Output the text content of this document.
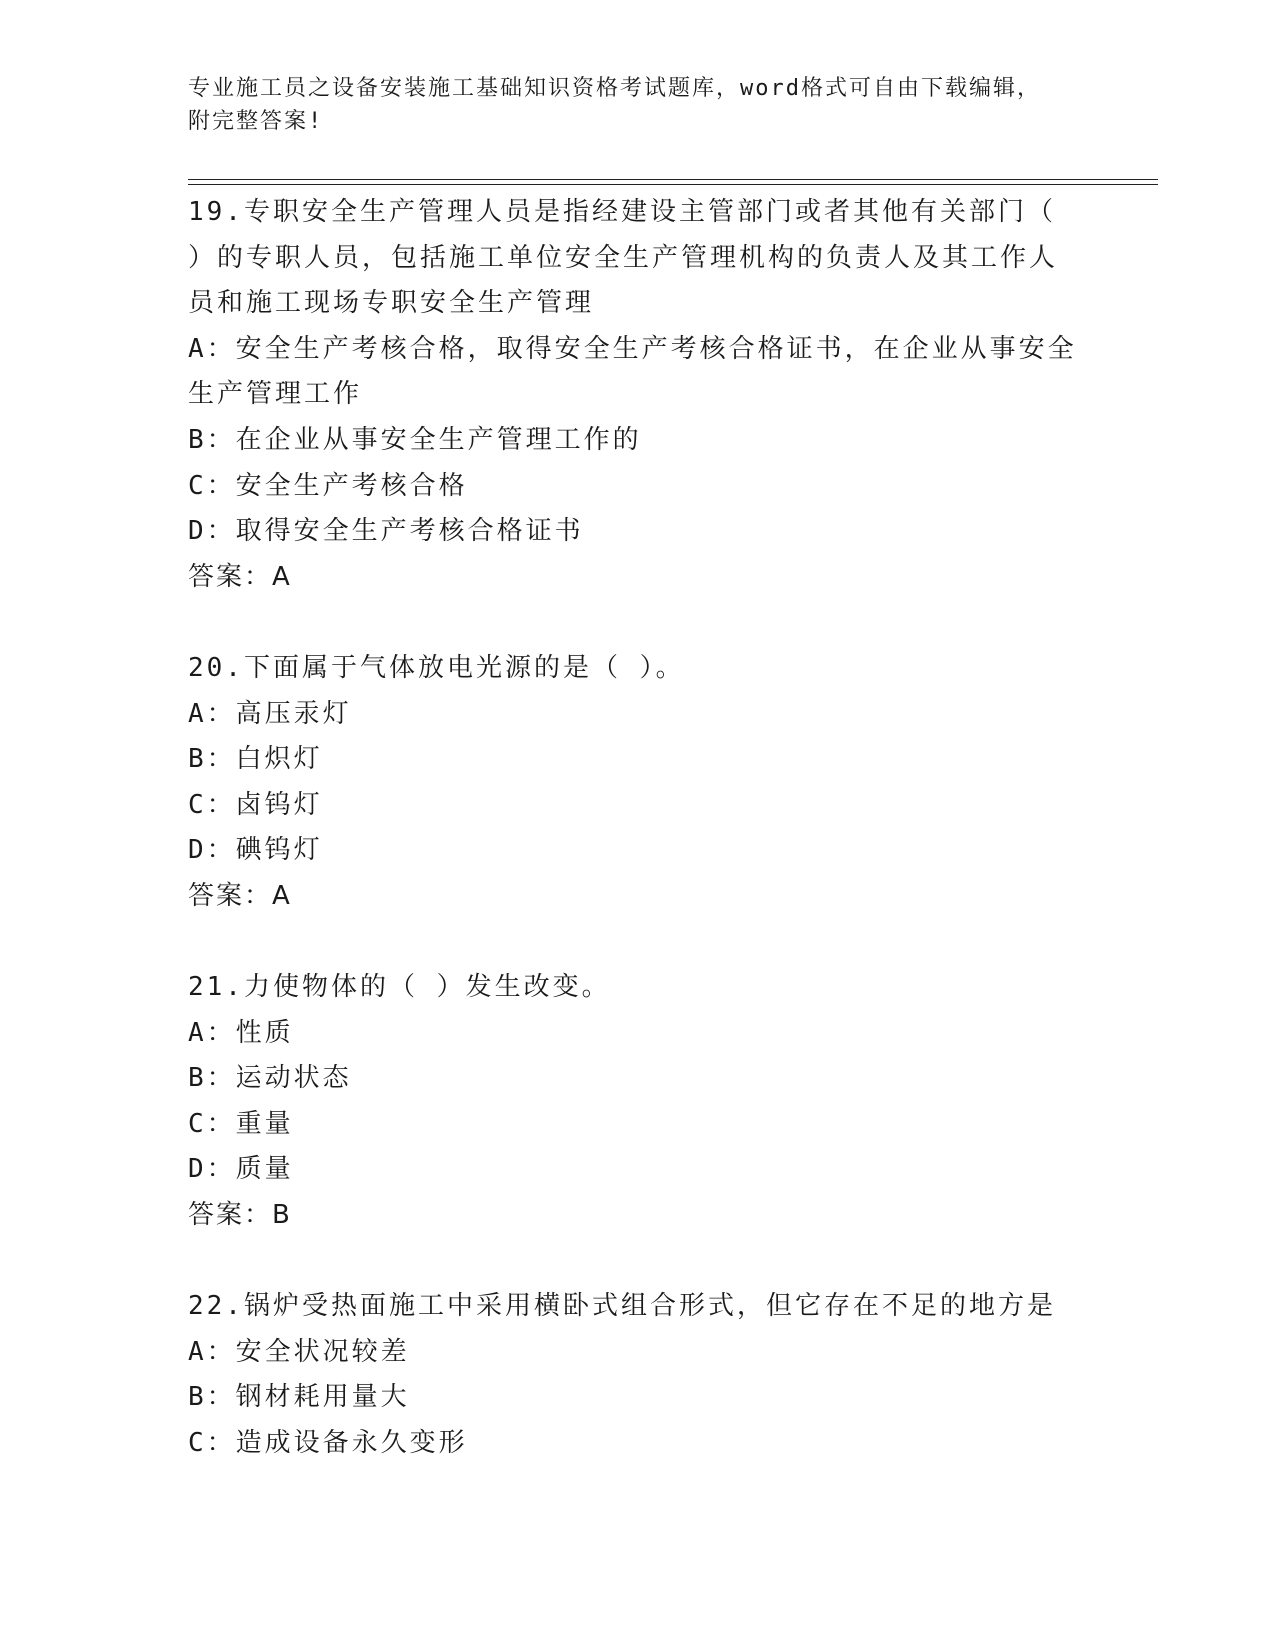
专业施工员之设备安装施工基础知识资格考试题库，word格式可自由下载编辑，
附完整答案!
19.专职安全生产管理人员是指经建设主管部门或者其他有关部门（
）的专职人员，包括施工单位安全生产管理机构的负责人及其工作人
员和施工现场专职安全生产管理
A：安全生产考核合格，取得安全生产考核合格证书，在企业从事安全
生产管理工作
B：在企业从事安全生产管理工作的
C：安全生产考核合格
D：取得安全生产考核合格证书
答案：A
20.下面属于气体放电光源的是（ ）。
A：高压汞灯
B：白炽灯
C：卤钨灯
D：碘钨灯
答案：A
21.力使物体的（ ）发生改变。
A：性质
B：运动状态
C：重量
D：质量
答案：B
22.锅炉受热面施工中采用横卧式组合形式，但它存在不足的地方是
A：安全状况较差
B：钢材耗用量大
C：造成设备永久变形
